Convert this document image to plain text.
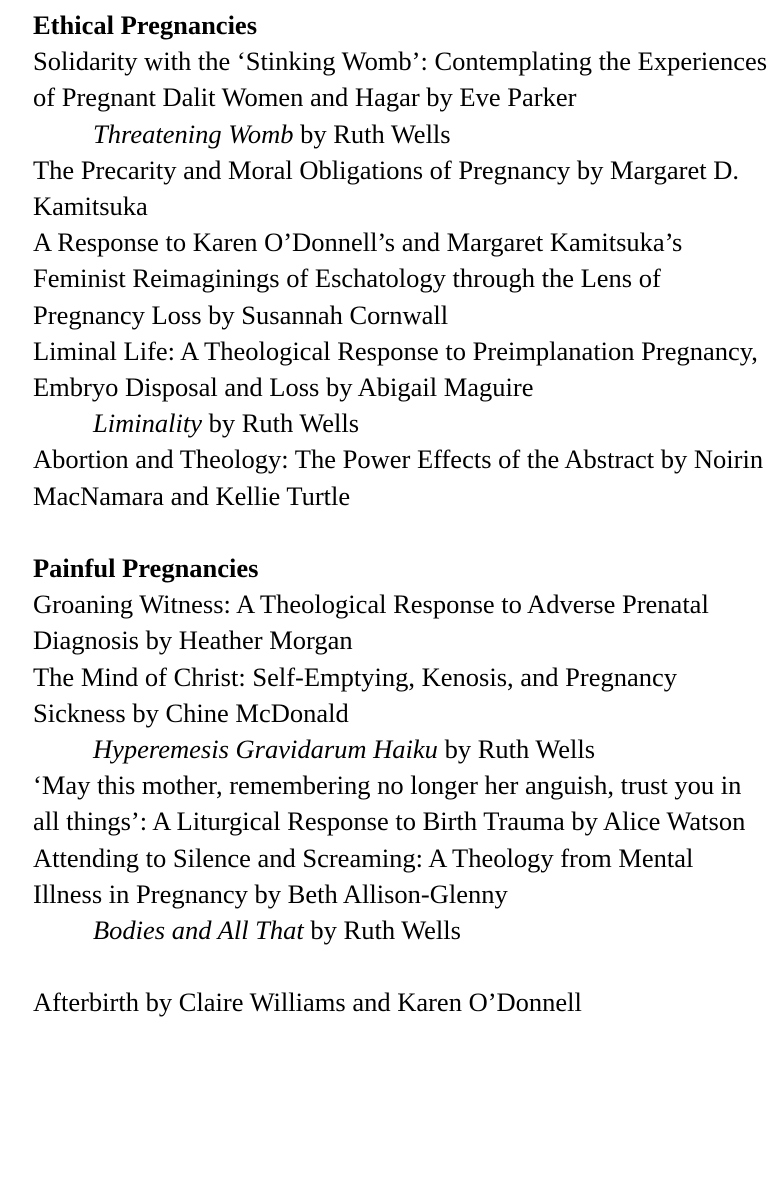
Ethical Pregnancies
Solidarity with the ‘Stinking Womb’: Contemplating the Experiences of Pregnant Dalit Women and Hagar by Eve Parker
Threatening Womb by Ruth Wells
The Precarity and Moral Obligations of Pregnancy by Margaret D. Kamitsuka
A Response to Karen O’Donnell’s and Margaret Kamitsuka’s Feminist Reimaginings of Eschatology through the Lens of Pregnancy Loss by Susannah Cornwall
Liminal Life: A Theological Response to Preimplanation Pregnancy, Embryo Disposal and Loss by Abigail Maguire
Liminality by Ruth Wells
Abortion and Theology: The Power Effects of the Abstract by Noirin MacNamara and Kellie Turtle
Painful Pregnancies
Groaning Witness: A Theological Response to Adverse Prenatal Diagnosis by Heather Morgan
The Mind of Christ: Self-Emptying, Kenosis, and Pregnancy Sickness by Chine McDonald
Hyperemesis Gravidarum Haiku by Ruth Wells
‘May this mother, remembering no longer her anguish, trust you in all things’: A Liturgical Response to Birth Trauma by Alice Watson
Attending to Silence and Screaming: A Theology from Mental Illness in Pregnancy by Beth Allison-Glenny
Bodies and All That by Ruth Wells
Afterbirth by Claire Williams and Karen O’Donnell
